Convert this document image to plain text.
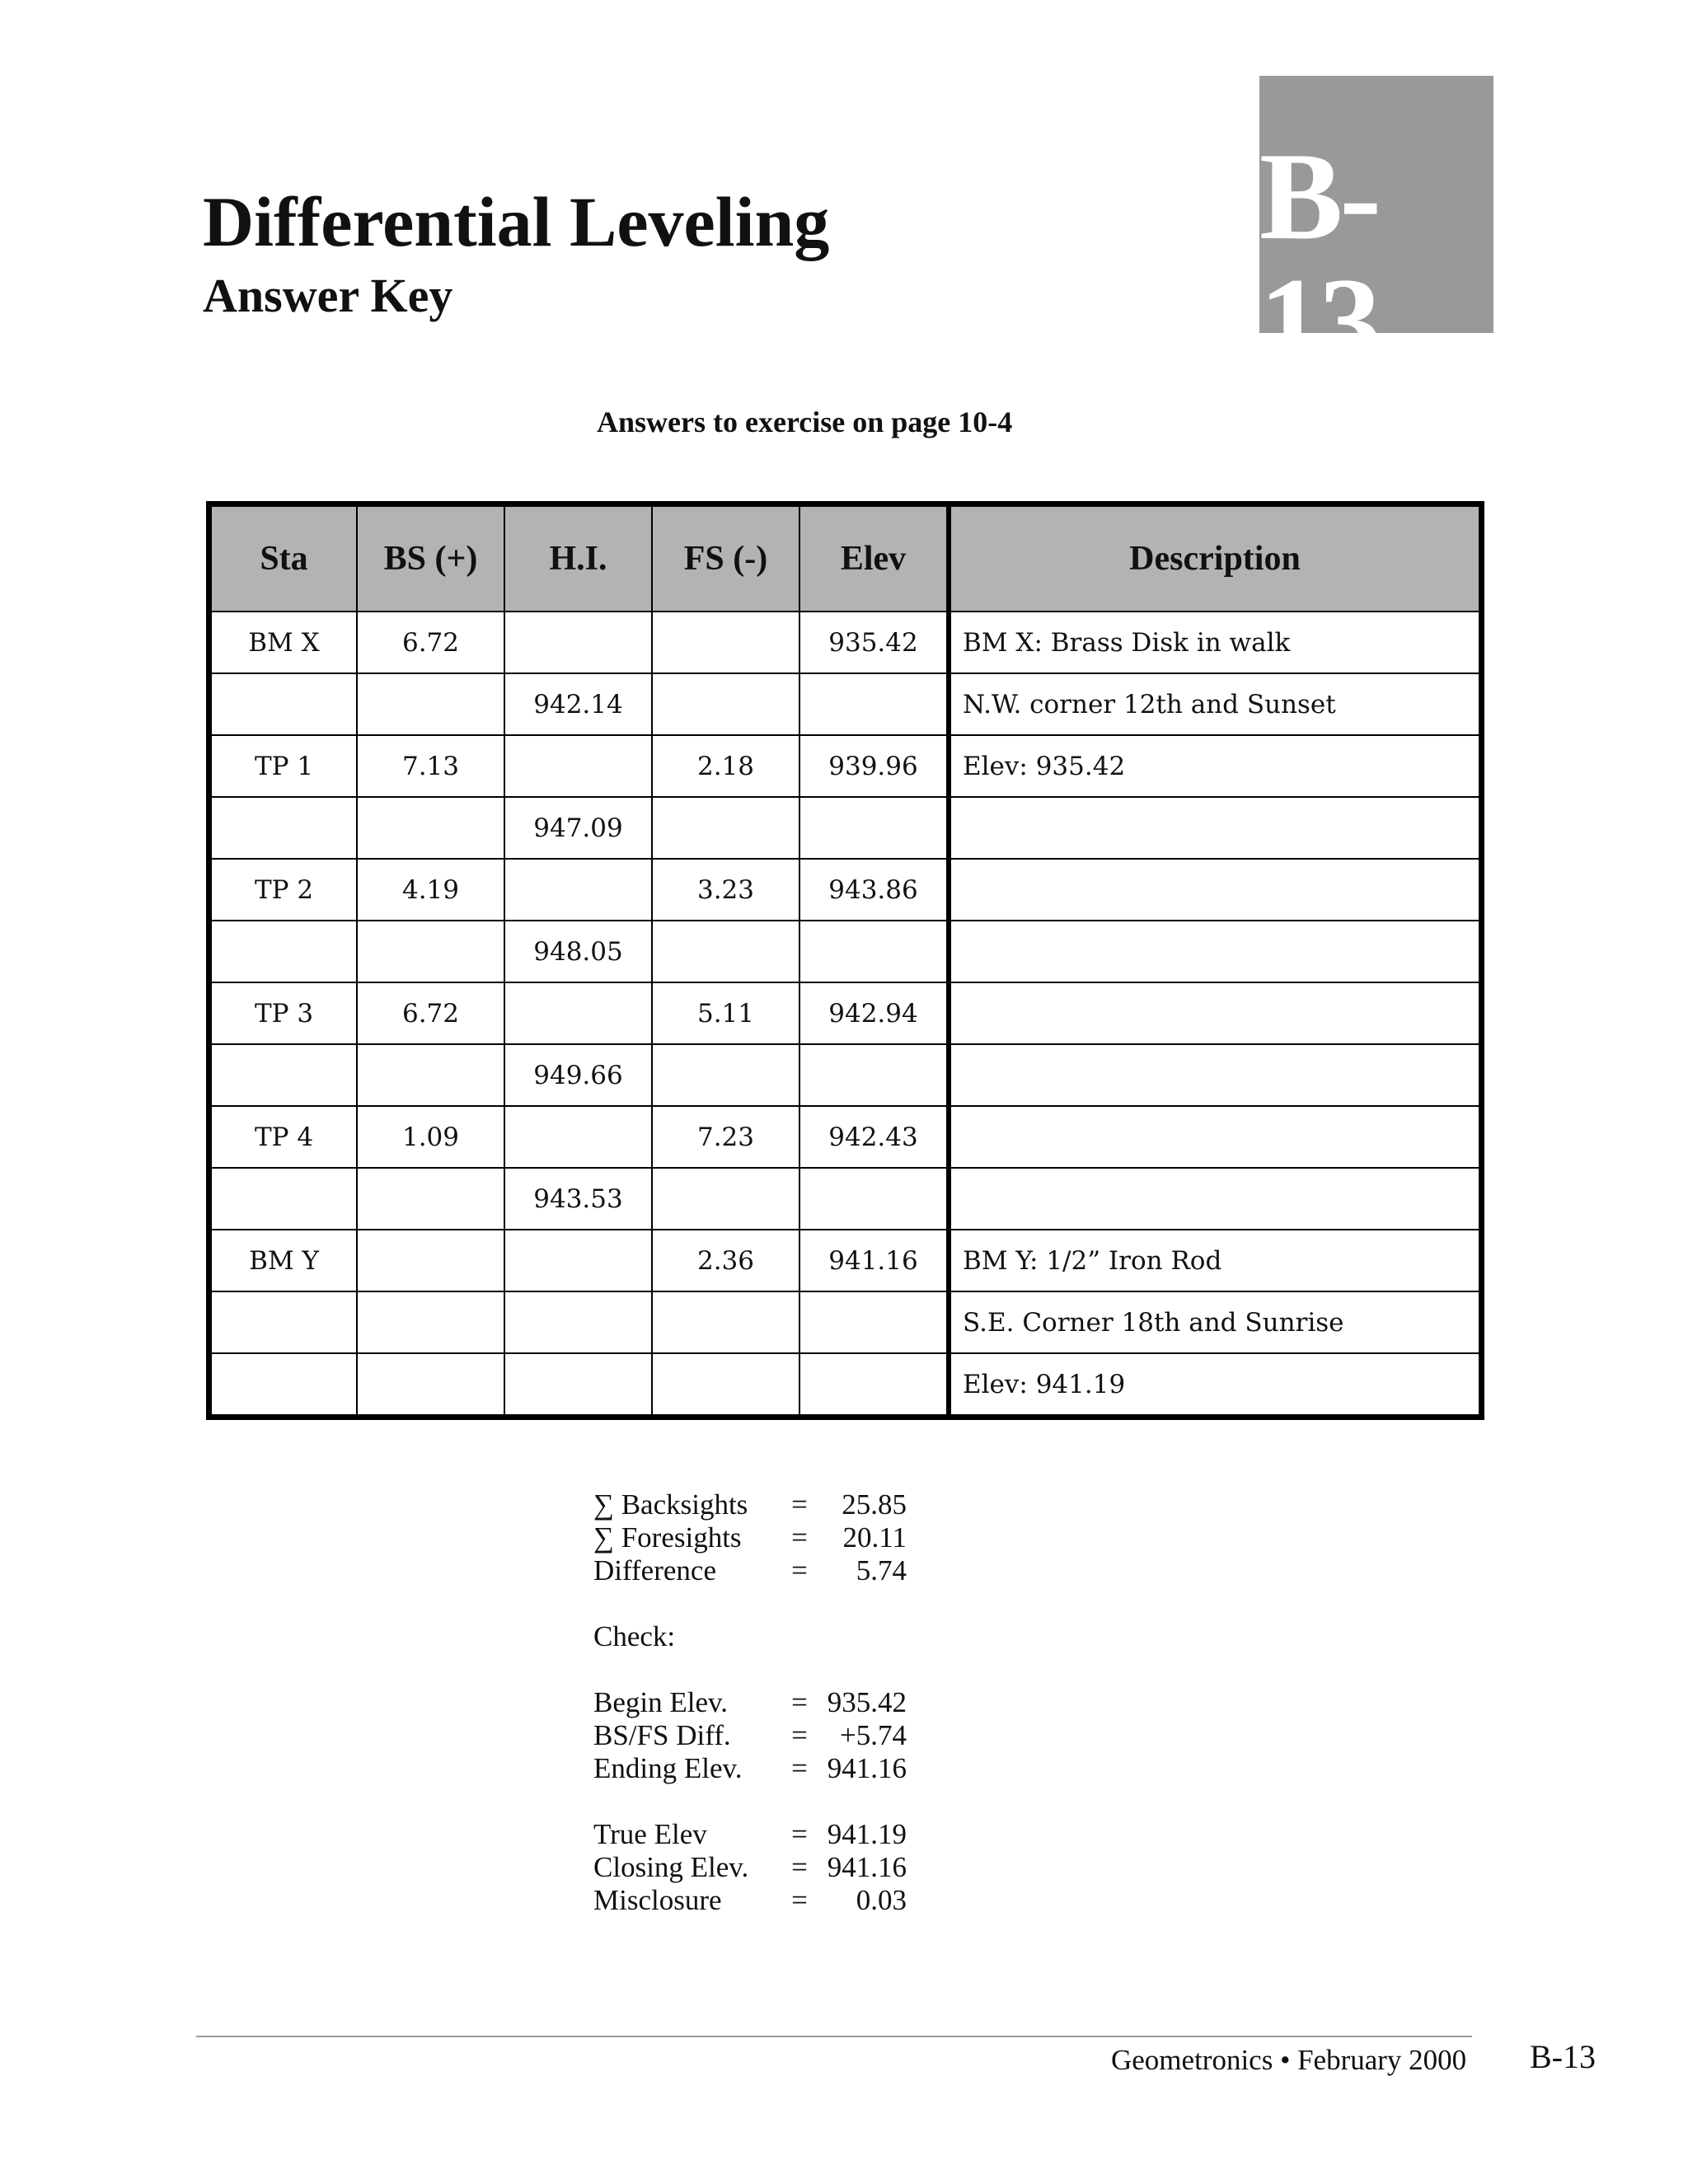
B-13
Differential Leveling
Answer Key
Answers to exercise on page 10-4
Sta	BS (+)	H.I.	FS (-)	Elev	Description
BM X	6.72			935.42	BM X: Brass Disk in walk
		942.14			N.W. corner 12th and Sunset
TP 1	7.13		2.18	939.96	Elev: 935.42
		947.09			
TP 2	4.19		3.23	943.86	
		948.05			
TP 3	6.72		5.11	942.94	
		949.66			
TP 4	1.09		7.23	942.43	
		943.53			
BM Y			2.36	941.16	BM Y: 1/2” Iron Rod
					S.E. Corner 18th and Sunrise
					Elev: 941.19
∑ Backsights	=	25.85
∑ Foresights	=	20.11
Difference	=	5.74
Check:
Begin Elev.	= 935.42
BS/FS Diff.	=	+5.74
Ending Elev.	= 941.16
True Elev	= 941.19
Closing Elev.	= 941.16
Misclosure	=	0.03
Geometronics • February 2000 B-13
